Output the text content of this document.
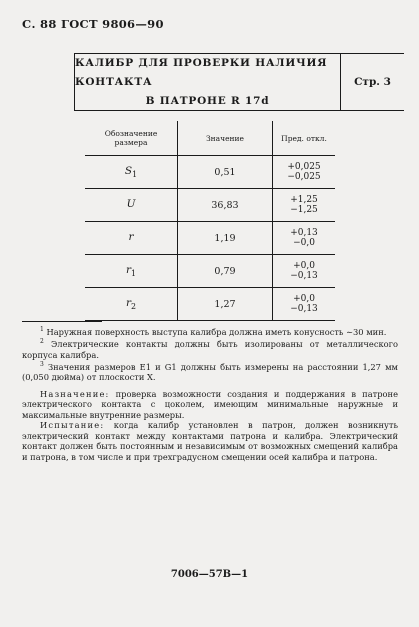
С. 88 ГОСТ 9806—90
КАЛИБР ДЛЯ ПРОВЕРКИ НАЛИЧИЯ КОНТАКТА
В ПАТРОНЕ R 17d
Стр. 3
Обозначение размера	Значение	Пред. откл.
$S_1$	0,51	+0,025
−0,025

U	36,83	+1,25
−1,25

r	1,19	+0,13
−0,0

$r_1$	0,79	+0,0
−0,13

$r_2$	1,27	+0,0
−0,13

$^1$ Наружная поверхность выступа калибра должна иметь конусность ∼30 мин.

$^2$ Электрические контакты должны быть изолированы от металлического корпуса калибра.

$^3$ Значения размеров E1 и G1 должны быть измерены на расстоянии 1,27 мм (0,050 дюйма) от плоскости X.

Назначение: проверка возможности создания и поддержания в патроне электрического контакта с цоколем, имеющим минимальные наружные и максимальные внутренние размеры.

Испытание: когда калибр установлен в патрон, должен возникнуть электрический контакт между контактами патрона и калибра. Электрический контакт должен быть постоянным и независимым от возможных смещений калибра и патрона, в том числе и при трехградусном смещении осей калибра и патрона.

7006—57В—1
